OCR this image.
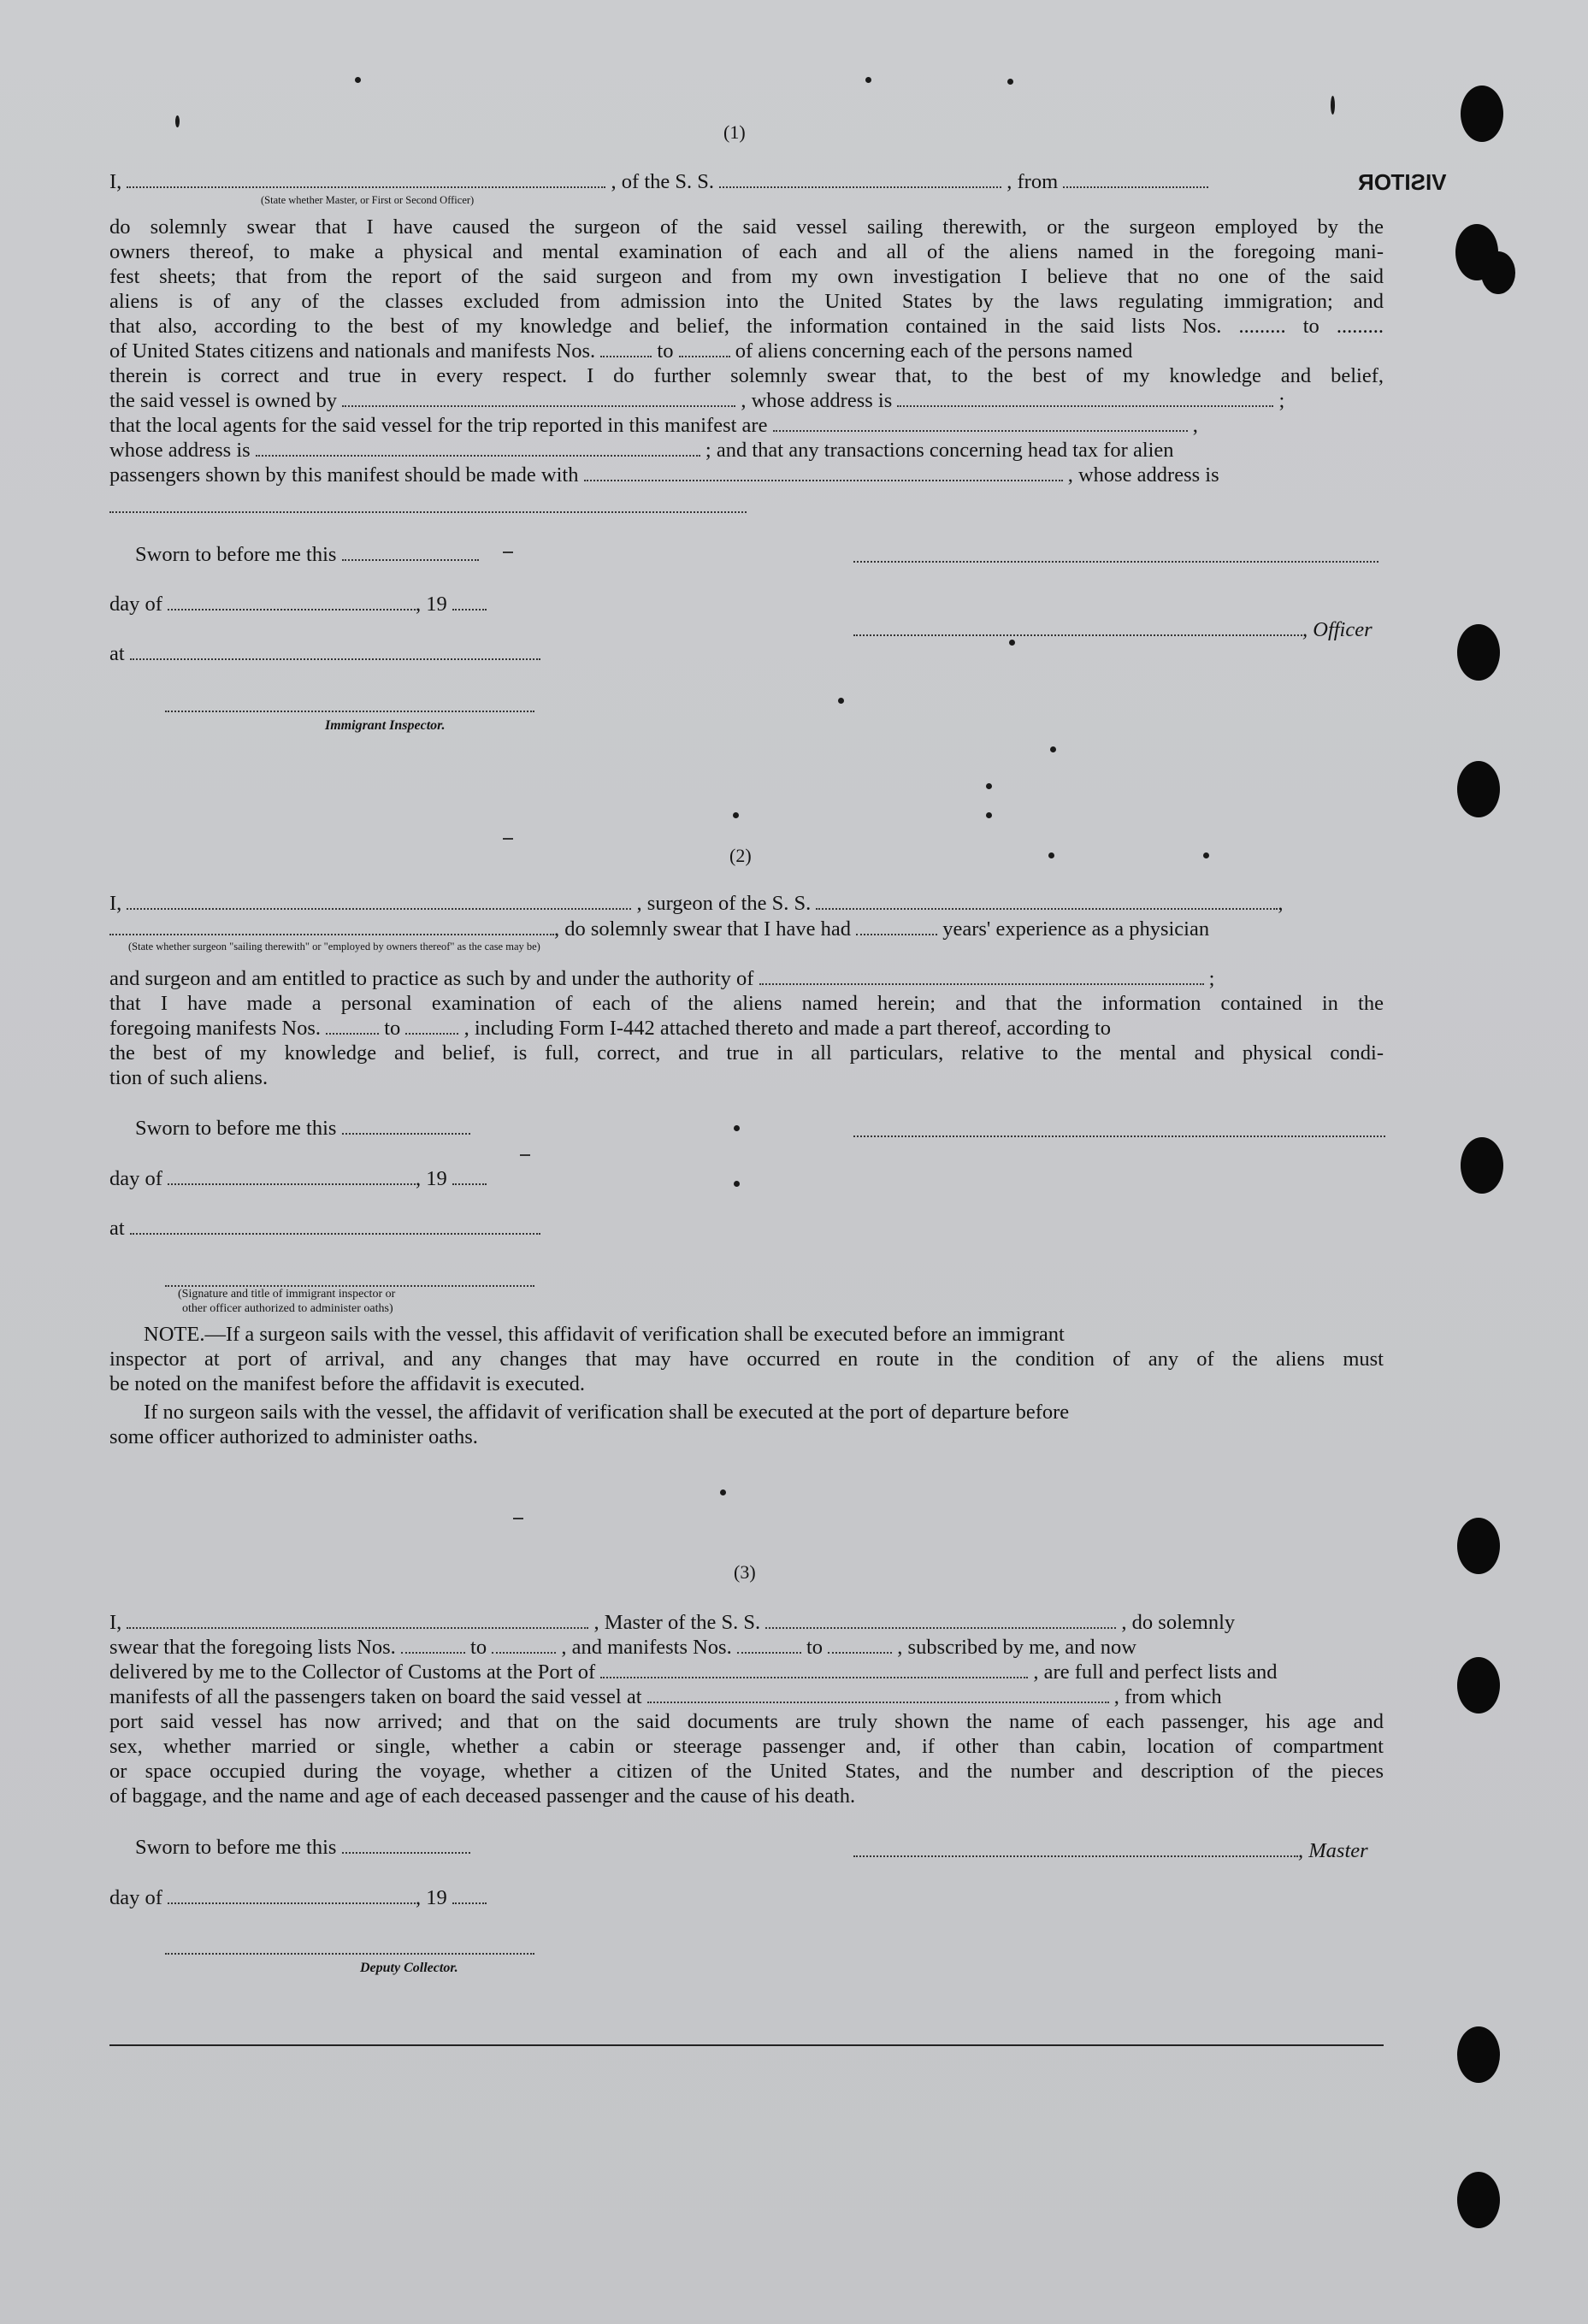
VISITOR
(1)
I,	, of the S. S.	, from
(State whether Master, or First or Second Officer)
do solemnly swear that I have caused the surgeon of the said vessel sailing therewith, or the surgeon employed by the
owners thereof, to make a physical and mental examination of each and all of the aliens named in the foregoing mani-
fest sheets; that from the report of the said surgeon and from my own investigation I believe that no one of the said
aliens is of any of the classes excluded from admission into the United States by the laws regulating immigration; and
that also, according to the best of my knowledge and belief, the information contained in the said lists Nos. ......... to .........
of United States citizens and nationals and manifests Nos.	to	of aliens concerning each of the persons named
therein is correct and true in every respect. I do further solemnly swear that, to the best of my knowledge and belief,
the said vessel is owned by	, whose address is	;
that the local agents for the said vessel for the trip reported in this manifest are	,
whose address is	; and that any transactions concerning head tax for alien
passengers shown by this manifest should be made with	, whose address is
Sworn to before me this
day of	, 19
, Officer
at
Immigrant Inspector.
(2)
I,	, surgeon of the S. S.	,
, do solemnly swear that I have had	years' experience as a physician
(State whether surgeon "sailing therewith" or "employed by owners thereof" as the case may be)
and surgeon and am entitled to practice as such by and under the authority of	;
that I have made a personal examination of each of the aliens named herein; and that the information contained in the
foregoing manifests Nos.	to	, including Form I-442 attached thereto and made a part thereof, according to
the best of my knowledge and belief, is full, correct, and true in all particulars, relative to the mental and physical condi-
tion of such aliens.
Sworn to before me this
day of	, 19
at
(Signature and title of immigrant inspector or
other officer authorized to administer oaths)
NOTE.—If a surgeon sails with the vessel, this affidavit of verification shall be executed before an immigrant
inspector at port of arrival, and any changes that may have occurred en route in the condition of any of the aliens must
be noted on the manifest before the affidavit is executed.
If no surgeon sails with the vessel, the affidavit of verification shall be executed at the port of departure before
some officer authorized to administer oaths.
(3)
I,	, Master of the S. S.	, do solemnly
swear that the foregoing lists Nos.	to	, and manifests Nos.	to	, subscribed by me, and now
delivered by me to the Collector of Customs at the Port of	, are full and perfect lists and
manifests of all the passengers taken on board the said vessel at	, from which
port said vessel has now arrived; and that on the said documents are truly shown the name of each passenger, his age and
sex, whether married or single, whether a cabin or steerage passenger and, if other than cabin, location of compartment
or space occupied during the voyage, whether a citizen of the United States, and the number and description of the pieces
of baggage, and the name and age of each deceased passenger and the cause of his death.
Sworn to before me this	, Master
day of	, 19
Deputy Collector.
